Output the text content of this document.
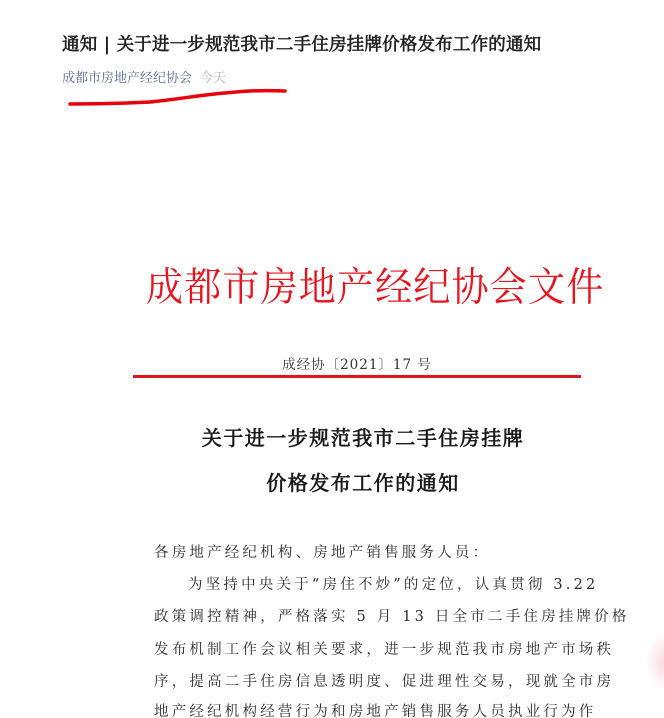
通知 | 关于进一步规范我市二手住房挂牌价格发布工作的通知
成都市房地产经纪协会 今天
成都市房地产经纪协会文件
成经协〔2021〕17 号
关于进一步规范我市二手住房挂牌
价格发布工作的通知
各房地产经纪机构、房地产销售服务人员：
为坚持中央关于“房住不炒”的定位，认真贯彻 3.22
政策调控精神，严格落实 5 月 13 日全市二手住房挂牌价格
发布机制工作会议相关要求，进一步规范我市房地产市场秩
序，提高二手住房信息透明度、促进理性交易，现就全市房
地产经纪机构经营行为和房地产销售服务人员执业行为作
